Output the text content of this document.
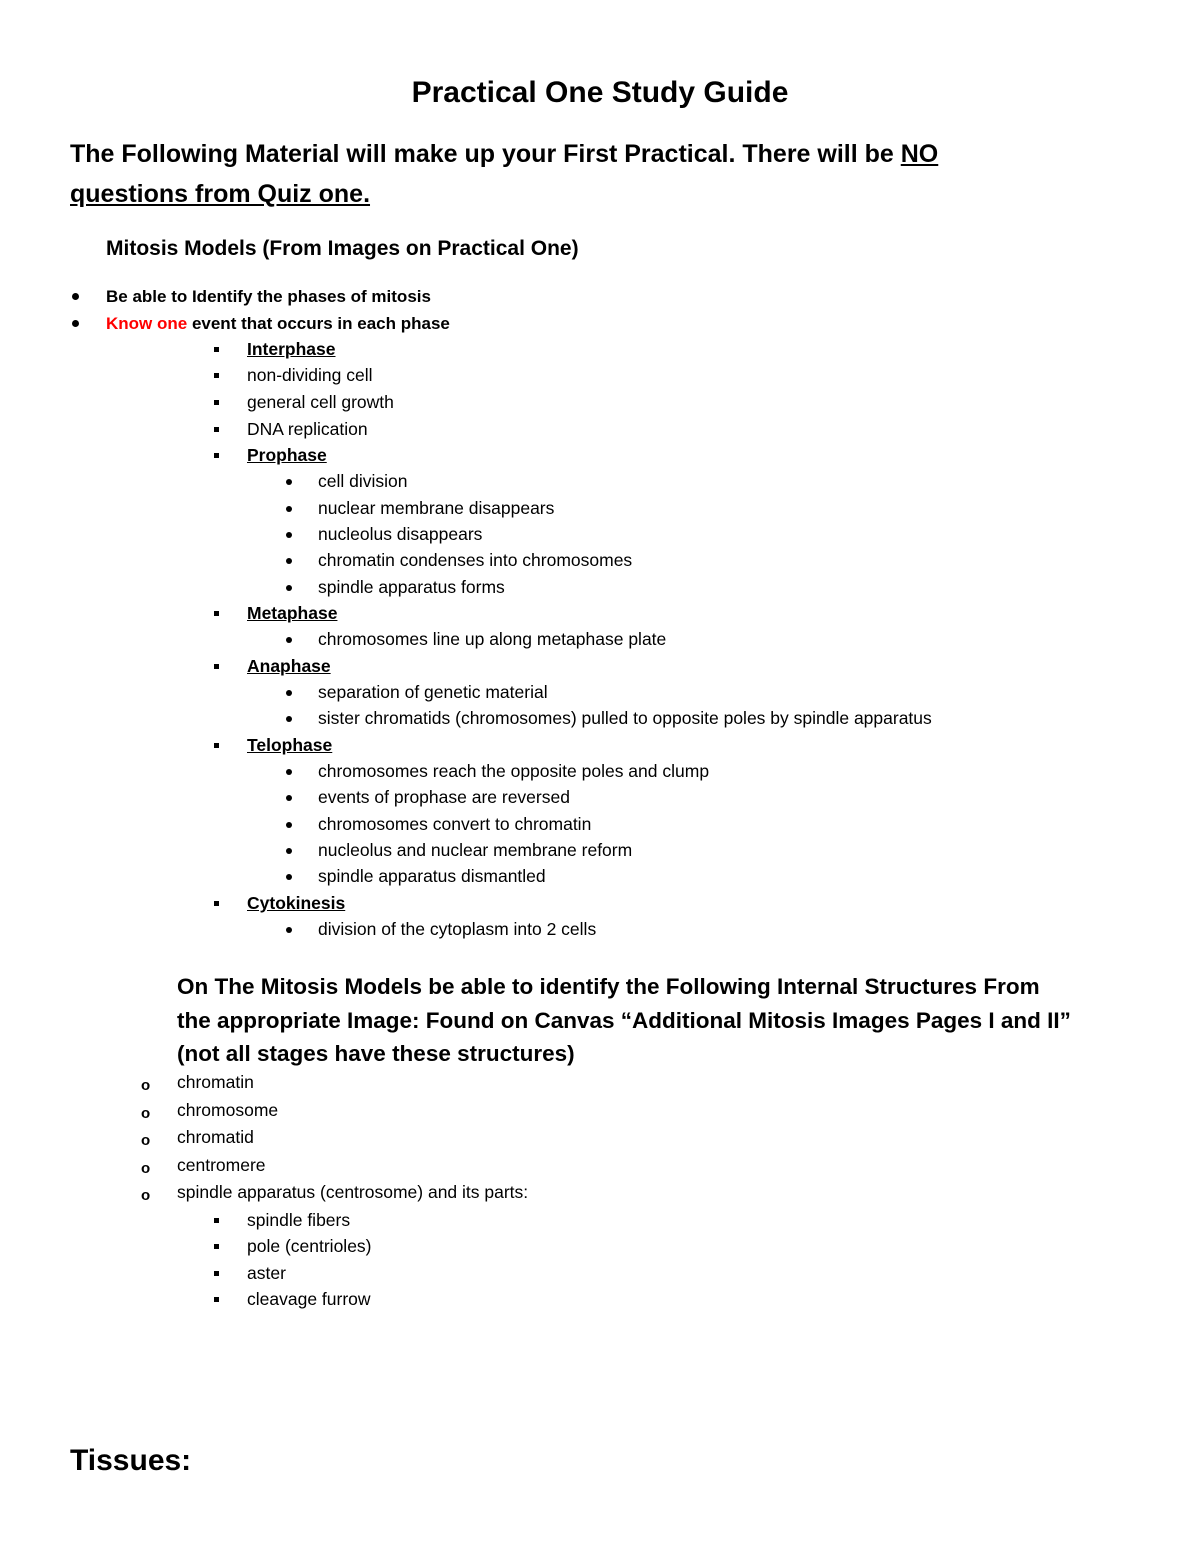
Practical One Study Guide
The Following Material will make up your First Practical. There will be NO
questions from Quiz one.
Mitosis Models (From Images on Practical One)
Be able to Identify the phases of mitosis
Know one event that occurs in each phase
Interphase
non-dividing cell
general cell growth
DNA replication
Prophase
cell division
nuclear membrane disappears
nucleolus disappears
chromatin condenses into chromosomes
spindle apparatus forms
Metaphase
chromosomes line up along metaphase plate
Anaphase
separation of genetic material
sister chromatids (chromosomes) pulled to opposite poles by spindle apparatus
Telophase
chromosomes reach the opposite poles and clump
events of prophase are reversed
chromosomes convert to chromatin
nucleolus and nuclear membrane reform
spindle apparatus dismantled
Cytokinesis
division of the cytoplasm into 2 cells
On The Mitosis Models be able to identify the Following Internal Structures From
the appropriate Image: Found on Canvas “Additional Mitosis Images Pages I and II”
(not all stages have these structures)
o chromatin
o chromosome
o chromatid
o centromere
o spindle apparatus (centrosome) and its parts:
spindle fibers
pole (centrioles)
aster
cleavage furrow
Tissues:
